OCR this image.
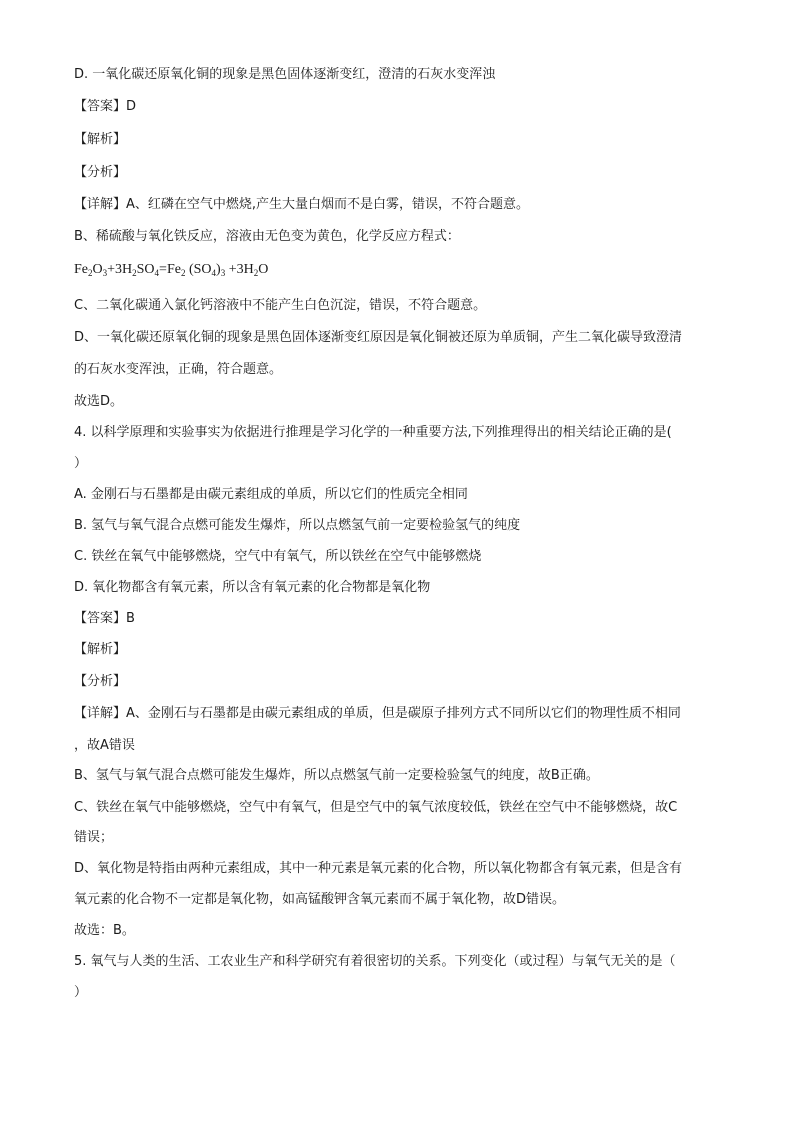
D. 一氧化碳还原氧化铜的现象是黑色固体逐渐变红，澄清的石灰水变浑浊
【答案】D
【解析】
【分析】
【详解】A、红磷在空气中燃烧,产生大量白烟而不是白雾，错误，不符合题意。
B、稀硫酸与氧化铁反应，溶液由无色变为黄色，化学反应方程式：
$Fe_2O_3+3H_2SO_4=Fe_2$ $(SO_4)_3 +3H_2O$
C、二氧化碳通入氯化钙溶液中不能产生白色沉淀，错误，不符合题意。
D、一氧化碳还原氧化铜的现象是黑色固体逐渐变红原因是氧化铜被还原为单质铜，产生二氧化碳导致澄清
的石灰水变浑浊，正确，符合题意。
故选D。
4. 以科学原理和实验事实为依据进行推理是学习化学的一种重要方法,下列推理得出的相关结论正确的是(
）
A. 金刚石与石墨都是由碳元素组成的单质，所以它们的性质完全相同
B. 氢气与氧气混合点燃可能发生爆炸，所以点燃氢气前一定要检验氢气的纯度
C. 铁丝在氧气中能够燃烧，空气中有氧气，所以铁丝在空气中能够燃烧
D. 氧化物都含有氧元素，所以含有氧元素的化合物都是氧化物
【答案】B
【解析】
【分析】
【详解】A、金刚石与石墨都是由碳元素组成的单质，但是碳原子排列方式不同所以它们的物理性质不相同
，故A错误
B、氢气与氧气混合点燃可能发生爆炸，所以点燃氢气前一定要检验氢气的纯度，故B正确。
C、铁丝在氧气中能够燃烧，空气中有氧气，但是空气中的氧气浓度较低，铁丝在空气中不能够燃烧，故C
错误；
D、氧化物是特指由两种元素组成，其中一种元素是氧元素的化合物，所以氧化物都含有氧元素，但是含有
氧元素的化合物不一定都是氧化物，如高锰酸钾含氧元素而不属于氧化物，故D错误。
故选：B。
5. 氧气与人类的生活、工农业生产和科学研究有着很密切的关系。下列变化（或过程）与氧气无关的是（
）
